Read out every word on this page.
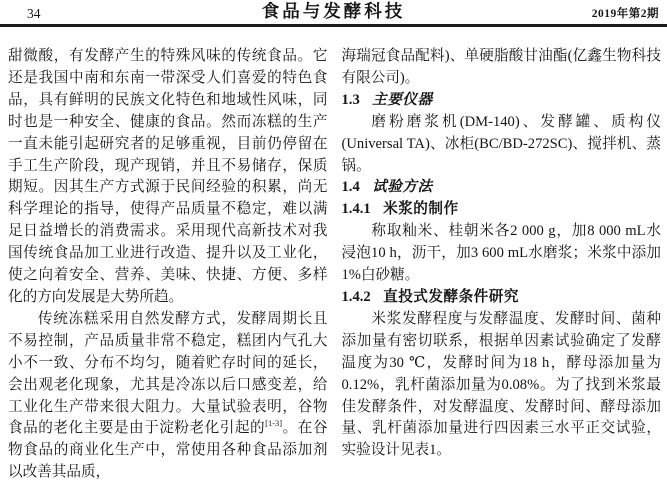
34	食品与发酵科技	2019年第2期

甜微酸，有发酵产生的特殊风味的传统食品。它还是我国中南和东南一带深受人们喜爱的特色食品，具有鲜明的民族文化特色和地域性风味，同时也是一种安全、健康的食品。然而冻糕的生产一直未能引起研究者的足够重视，目前仍停留在手工生产阶段，现产现销，并且不易储存，保质期短。因其生产方式源于民间经验的积累，尚无科学理论的指导，使得产品质量不稳定，难以满足日益增长的消费需求。采用现代高新技术对我国传统食品加工业进行改造、提升以及工业化，使之向着安全、营养、美味、快捷、方便、多样化的方向发展是大势所趋。

传统冻糕采用自然发酵方式，发酵周期长且不易控制，产品质量非常不稳定，糕团内气孔大小不一致、分布不均匀，随着贮存时间的延长，会出观老化现象，尤其是冷冻以后口感变差，给工业化生产带来很大阻力。大量试验表明，谷物食品的老化主要是由于淀粉老化引起的[1-3]。在谷物食品的商业化生产中，常使用各种食品添加剂以改善其品质，

海瑞冠食品配料)、单硬脂酸甘油酯(亿鑫生物科技有限公司)。

1.3 主要仪器

磨粉磨浆机(DM-140)、发酵罐、质构仪(Universal TA)、冰柜(BC/BD-272SC)、搅拌机、蒸锅。

1.4 试验方法

1.4.1 米浆的制作

称取籼米、桂朝米各2 000 g，加8 000 mL水浸泡10 h，沥干，加3 600 mL水磨浆；米浆中添加1%白砂糖。

1.4.2 直投式发酵条件研究

米浆发酵程度与发酵温度、发酵时间、菌种添加量有密切联系，根据单因素试验确定了发酵温度为30 ℃，发酵时间为18 h，酵母添加量为0.12%，乳杆菌添加量为0.08%。为了找到米浆最佳发酵条件，对发酵温度、发酵时间、酵母添加量、乳杆菌添加量进行四因素三水平正交试验，实验设计见表1。
